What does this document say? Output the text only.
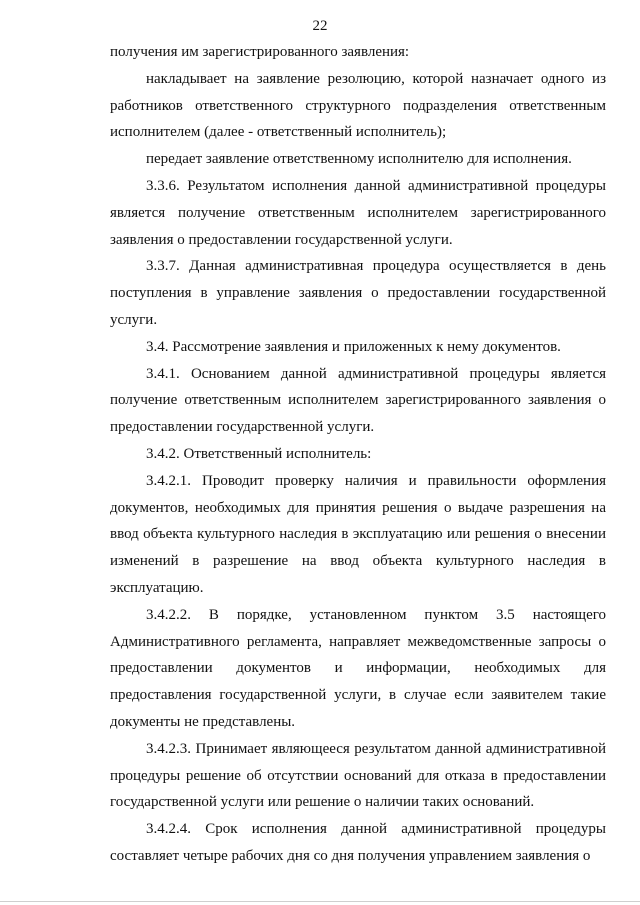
22

получения им зарегистрированного заявления:

накладывает на заявление резолюцию, которой назначает одного из работников ответственного структурного подразделения ответственным исполнителем (далее - ответственный исполнитель);

передает заявление ответственному исполнителю для исполнения.

3.3.6. Результатом исполнения данной административной процедуры является получение ответственным исполнителем зарегистрированного заявления о предоставлении государственной услуги.

3.3.7. Данная административная процедура осуществляется в день поступления в управление заявления о предоставлении государственной услуги.

3.4. Рассмотрение заявления и приложенных к нему документов.

3.4.1. Основанием данной административной процедуры является получение ответственным исполнителем зарегистрированного заявления о предоставлении государственной услуги.

3.4.2. Ответственный исполнитель:

3.4.2.1. Проводит проверку наличия и правильности оформления документов, необходимых для принятия решения о выдаче разрешения на ввод объекта культурного наследия в эксплуатацию или решения о внесении изменений в разрешение на ввод объекта культурного наследия в эксплуатацию.

3.4.2.2. В порядке, установленном пунктом 3.5 настоящего Административного регламента, направляет межведомственные запросы о предоставлении документов и информации, необходимых для предоставления государственной услуги, в случае если заявителем такие документы не представлены.

3.4.2.3. Принимает являющееся результатом данной административной процедуры решение об отсутствии оснований для отказа в предоставлении государственной услуги или решение о наличии таких оснований.

3.4.2.4. Срок исполнения данной административной процедуры составляет четыре рабочих дня со дня получения управлением заявления о
